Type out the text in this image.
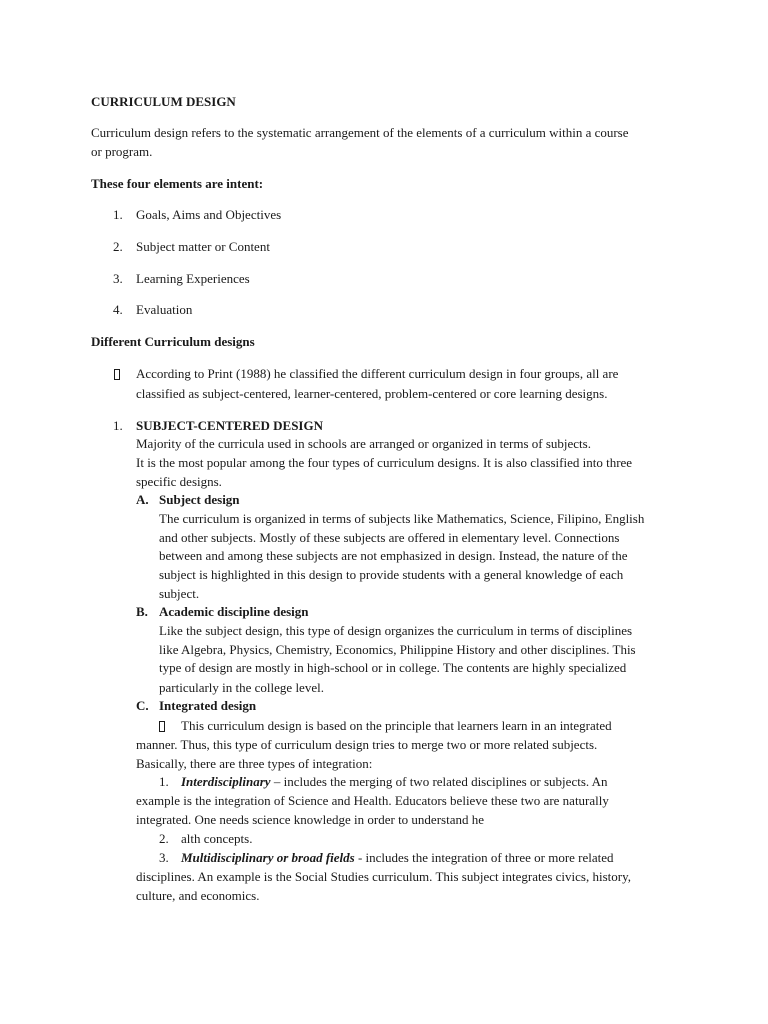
CURRICULUM DESIGN
Curriculum design refers to the systematic arrangement of the elements of a curriculum within a course
or program.
These four elements are intent:
1. Goals, Aims and Objectives
2. Subject matter or Content
3. Learning Experiences
4. Evaluation
Different Curriculum designs
According to Print (1988) he classified the different curriculum design in four groups, all are
classified as subject-centered, learner-centered, problem-centered or core learning designs.
1. SUBJECT-CENTERED DESIGN
Majority of the curricula used in schools are arranged or organized in terms of subjects.
It is the most popular among the four types of curriculum designs. It is also classified into three
specific designs.
A. Subject design
The curriculum is organized in terms of subjects like Mathematics, Science, Filipino, English
and other subjects. Mostly of these subjects are offered in elementary level. Connections
between and among these subjects are not emphasized in design. Instead, the nature of the
subject is highlighted in this design to provide students with a general knowledge of each
subject.
B. Academic discipline design
Like the subject design, this type of design organizes the curriculum in terms of disciplines
like Algebra, Physics, Chemistry, Economics, Philippine History and other disciplines. This
type of design are mostly in high-school or in college. The contents are highly specialized
particularly in the college level.
C. Integrated design
This curriculum design is based on the principle that learners learn in an integrated
manner. Thus, this type of curriculum design tries to merge two or more related subjects.
Basically, there are three types of integration:
1. Interdisciplinary – includes the merging of two related disciplines or subjects. An
example is the integration of Science and Health. Educators believe these two are naturally
integrated. One needs science knowledge in order to understand he
2. alth concepts.
3. Multidisciplinary or broad fields - includes the integration of three or more related
disciplines. An example is the Social Studies curriculum. This subject integrates civics, history,
culture, and economics.
